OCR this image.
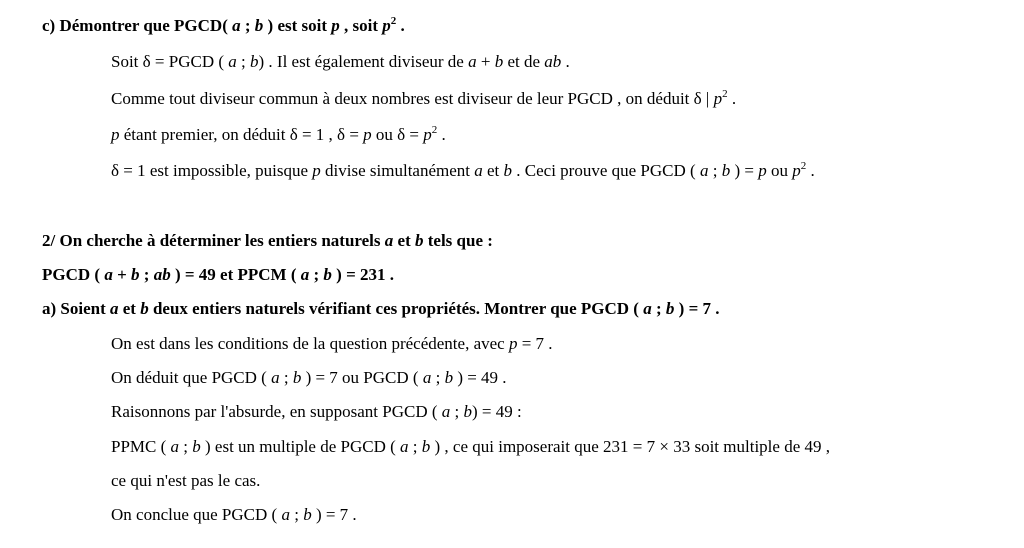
c) Démontrer que PGCD( a ; b ) est soit p , soit $p^2$ .
Soit δ = PGCD ( a ; b) . Il est également diviseur de a + b et de ab .
Comme tout diviseur commun à deux nombres est diviseur de leur PGCD , on déduit δ | $p^2$ .
p étant premier, on déduit δ = 1 , δ = p ou $\delta = p^2$ .
δ = 1 est impossible, puisque p divise simultanément a et b . Ceci prouve que PGCD ( a ; b ) = p ou $p^2$ .
2/ On cherche à déterminer les entiers naturels a et b tels que :
PGCD ( a + b ; ab ) = 49 et PPCM ( a ; b ) = 231 .
a) Soient a et b deux entiers naturels vérifiant ces propriétés. Montrer que PGCD ( a ; b ) = 7 .
On est dans les conditions de la question précédente, avec p = 7 .
On déduit que PGCD ( a ; b ) = 7 ou PGCD ( a ; b ) = 49 .
Raisonnons par l'absurde, en supposant PGCD ( a ; b) = 49 :
PPMC ( a ; b ) est un multiple de PGCD ( a ; b ) , ce qui imposerait que 231 = 7 × 33 soit multiple de 49 ,
ce qui n'est pas le cas.
On conclue que PGCD ( a ; b ) = 7 .
